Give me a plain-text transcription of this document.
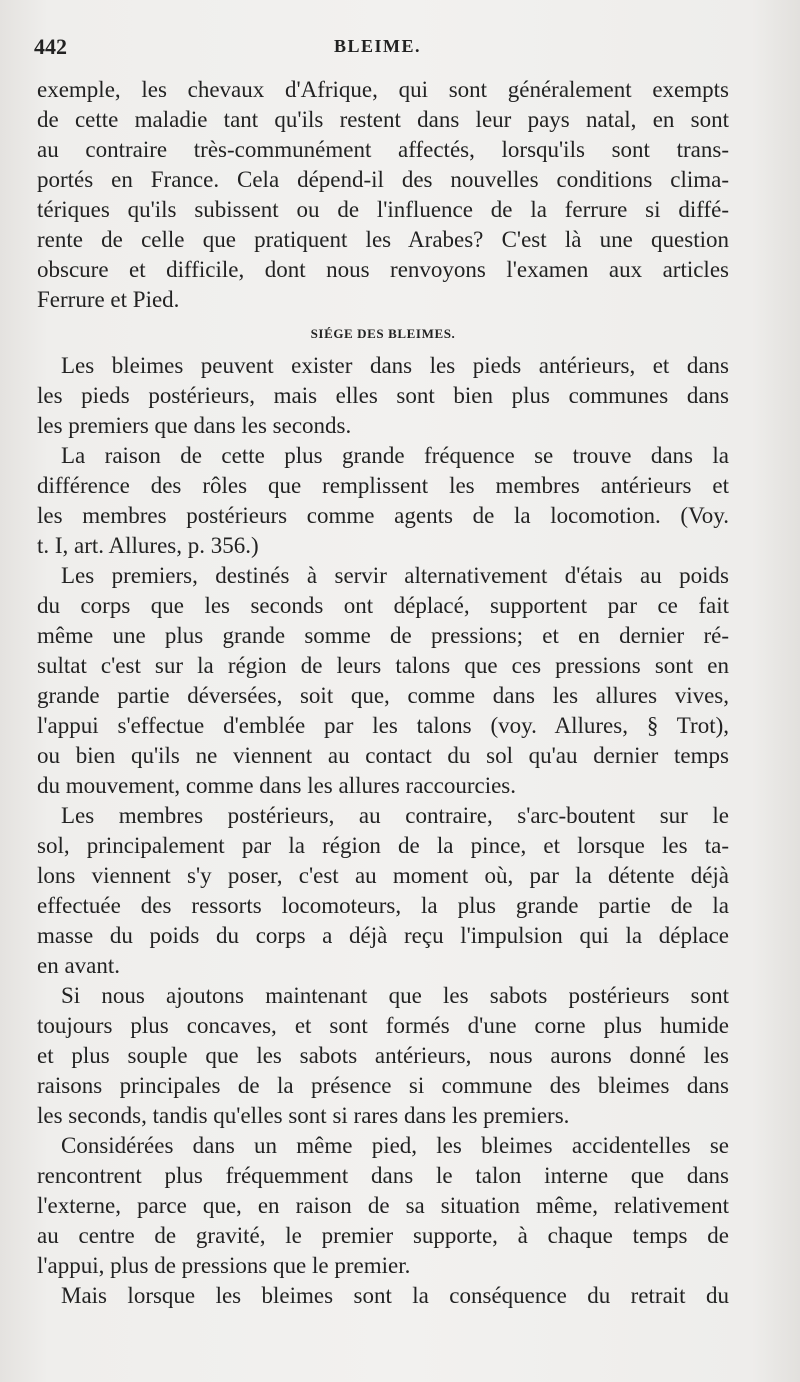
442	BLEIME.
exemple, les chevaux d'Afrique, qui sont généralement exempts
de cette maladie tant qu'ils restent dans leur pays natal, en sont
au contraire très-communément affectés, lorsqu'ils sont trans-
portés en France. Cela dépend-il des nouvelles conditions clima-
tériques qu'ils subissent ou de l'influence de la ferrure si diffé-
rente de celle que pratiquent les Arabes? C'est là une question
obscure et difficile, dont nous renvoyons l'examen aux articles
Ferrure et Pied.
SIÉGE DES BLEIMES.
Les bleimes peuvent exister dans les pieds antérieurs, et dans
les pieds postérieurs, mais elles sont bien plus communes dans
les premiers que dans les seconds.
La raison de cette plus grande fréquence se trouve dans la
différence des rôles que remplissent les membres antérieurs et
les membres postérieurs comme agents de la locomotion. (Voy.
t. I, art. Allures, p. 356.)
Les premiers, destinés à servir alternativement d'étais au poids
du corps que les seconds ont déplacé, supportent par ce fait
même une plus grande somme de pressions; et en dernier ré-
sultat c'est sur la région de leurs talons que ces pressions sont en
grande partie déversées, soit que, comme dans les allures vives,
l'appui s'effectue d'emblée par les talons (voy. Allures, § Trot),
ou bien qu'ils ne viennent au contact du sol qu'au dernier temps
du mouvement, comme dans les allures raccourcies.
Les membres postérieurs, au contraire, s'arc-boutent sur le
sol, principalement par la région de la pince, et lorsque les ta-
lons viennent s'y poser, c'est au moment où, par la détente déjà
effectuée des ressorts locomoteurs, la plus grande partie de la
masse du poids du corps a déjà reçu l'impulsion qui la déplace
en avant.
Si nous ajoutons maintenant que les sabots postérieurs sont
toujours plus concaves, et sont formés d'une corne plus humide
et plus souple que les sabots antérieurs, nous aurons donné les
raisons principales de la présence si commune des bleimes dans
les seconds, tandis qu'elles sont si rares dans les premiers.
Considérées dans un même pied, les bleimes accidentelles se
rencontrent plus fréquemment dans le talon interne que dans
l'externe, parce que, en raison de sa situation même, relativement
au centre de gravité, le premier supporte, à chaque temps de
l'appui, plus de pressions que le premier.
Mais lorsque les bleimes sont la conséquence du retrait du
